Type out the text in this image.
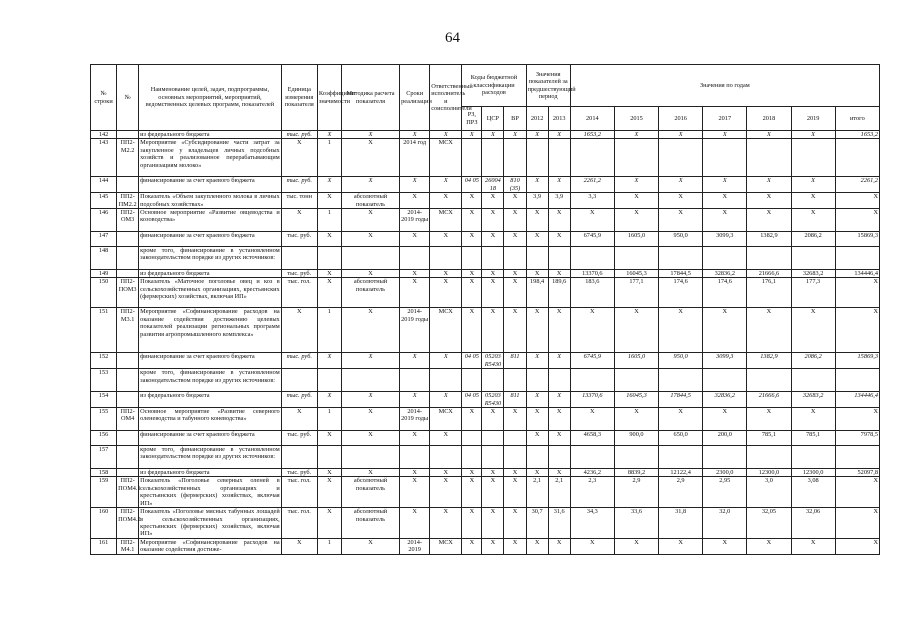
64
№ строки	№	Наименование целей, задач, подпрограммы, основных мероприятий, мероприятий, ведомственных целевых программ, показателей	Единица измерения показателя	Коэффициент значимости	Методика расчета показателя	Сроки реализации	Ответственный исполнитель и соисполнители	Коды бюджетной классификации расходов			Значения показателей за предшествующий период		Значения по годам						

								РЗ, ПРЗ	ЦСР	ВР	2012	2013	2014	2015	2016	2017	2018	2019	итого
142		из федерального бюджета	тыс. руб.	X	X	X	X	X	X	X	X	X	1653,2	X	X	X	X	X	1653,2
143	ПП2-М2.2	Мероприятие «Субсидирование части затрат за закупленное у владельцев личных подсобных хозяйств и реализованное перерабатывающим организациям молоко»	X	1	X	2014 год	МСХ												
144		финансирование за счет краевого бюджета	тыс. руб.	X	X	X	X	04 05	26004 18	810 (35)	X	X	2261,2	X	X	X	X	X	2261,2
145	ПП2-ПМ2.2	Показатель «Объем закупленного молока в личных подсобных хозяйствах»	тыс. тонн	X	абсолютный показатель	X	X	X	X	X	3,9	3,9	3,3	X	X	X	X	X	X
146	ПП2-ОМ3	Основное мероприятие «Развитие овцеводства и козоводства»	X	1	X	2014-2019 годы	МСХ	X	X	X	X	X	X	X	X	X	X	X	X
147		финансирование за счет краевого бюджета	тыс. руб.	X	X	X	X	X	X	X	X	X	6745,9	1605,0	950,0	3099,3	1382,9	2086,2	15869,3
148		кроме того, финансирование в установленном законодательством порядке из других источников:																	
149		из федерального бюджета	тыс. руб.	X	X	X	X	X	X	X	X	X	13370,6	16045,3	17844,5	32836,2	21666,6	32683,2	134446,4
150	ПП2-ПОМ3	Показатель «Маточное поголовье овец и коз в сельскохозяйственных организациях, крестьянских (фермерских) хозяйствах, включая ИП»	тыс. гол.	X	абсолютный показатель	X	X	X	X	X	198,4	189,6	183,6	177,1	174,6	174,6	176,1	177,3	X
151	ПП2-М3.1	Мероприятие «Софинансирование расходов на оказание содействия достижению целевых показателей реализации региональных программ развития агропромышленного комплекса»	X	1	X	2014-2019 годы	МСХ	X	X	X	X	X	X	X	X	X	X	X	X
152		финансирование за счет краевого бюджета	тыс. руб.	X	X	X	X	04 05	05203 R5430	811	X	X	6745,9	1605,0	950,0	3099,3	1382,9	2086,2	15869,3
153		кроме того, финансирование в установленном законодательством порядке из других источников:																	
154		из федерального бюджета	тыс. руб.	X	X	X	X	04 05	05203 R5430	811	X	X	13370,6	16045,3	17844,5	32836,2	21666,6	32683,2	134446,4
155	ПП2-ОМ4	Основное мероприятие «Развитие северного оленеводства и табунного коневодства»	X	1	X	2014-2019 годы	МСХ	X	X	X	X	X	X	X	X	X	X	X	X
156		финансирование за счет краевого бюджета	тыс. руб.	X	X	X	X				X	X	4658,3	900,0	650,0	200,0	785,1	785,1	7978,5
157		кроме того, финансирование в установленном законодательством порядке из других источников:																	
158		из федерального бюджета	тыс. руб.	X	X	X	X	X	X	X	X	X	4236,2	8839,2	12122,4	2300,0	12300,0	12300,0	52097,8
159	ПП2-ПОМ4.1	Показатель «Поголовье северных оленей в сельскохозяйственных организациях и крестьянских (фермерских) хозяйствах, включая ИП»	тыс. гол.	X	абсолютный показатель	X	X	X	X	X	2,1	2,1	2,3	2,9	2,9	2,95	3,0	3,08	X
160	ПП2-ПОМ4.2	Показатель «Поголовье мясных табунных лошадей в сельскохозяйственных организациях, крестьянских (фермерских) хозяйствах, включая ИП»	тыс. гол.	X	абсолютный показатель	X	X	X	X	X	30,7	31,6	34,3	33,6	31,8	32,0	32,05	32,06	X
161	ПП2-М4.1	Мероприятие «Софинансирование расходов на оказание содействия достиже-	X	1	X	2014-2019	МСХ	X	X	X	X	X	X	X	X	X	X	X	X
